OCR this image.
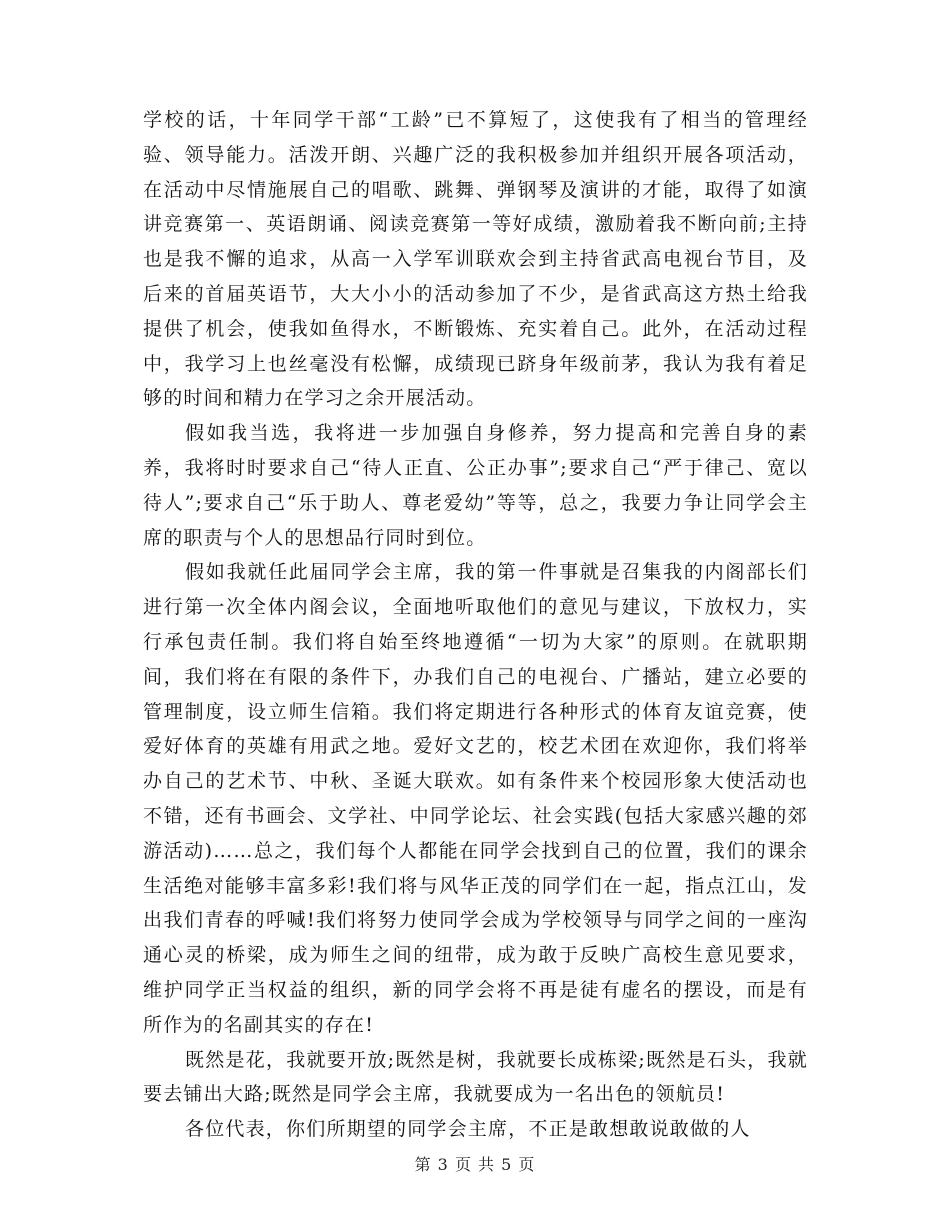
学校的话，十年同学干部“工龄”已不算短了，这使我有了相当的管理经验、领导能力。活泼开朗、兴趣广泛的我积极参加并组织开展各项活动，在活动中尽情施展自己的唱歌、跳舞、弹钢琴及演讲的才能，取得了如演讲竞赛第一、英语朗诵、阅读竞赛第一等好成绩，激励着我不断向前;主持也是我不懈的追求，从高一入学军训联欢会到主持省武高电视台节目，及后来的首届英语节，大大小小的活动参加了不少，是省武高这方热土给我提供了机会，使我如鱼得水，不断锻炼、充实着自己。此外，在活动过程中，我学习上也丝毫没有松懈，成绩现已跻身年级前茅，我认为我有着足够的时间和精力在学习之余开展活动。

假如我当选，我将进一步加强自身修养，努力提高和完善自身的素养，我将时时要求自己“待人正直、公正办事”;要求自己“严于律己、宽以待人”;要求自己“乐于助人、尊老爱幼”等等，总之，我要力争让同学会主席的职责与个人的思想品行同时到位。

假如我就任此届同学会主席，我的第一件事就是召集我的内阁部长们进行第一次全体内阁会议，全面地听取他们的意见与建议，下放权力，实行承包责任制。我们将自始至终地遵循“一切为大家”的原则。在就职期间，我们将在有限的条件下，办我们自己的电视台、广播站，建立必要的管理制度，设立师生信箱。我们将定期进行各种形式的体育友谊竞赛，使爱好体育的英雄有用武之地。爱好文艺的，校艺术团在欢迎你，我们将举办自己的艺术节、中秋、圣诞大联欢。如有条件来个校园形象大使活动也不错，还有书画会、文学社、中同学论坛、社会实践(包括大家感兴趣的郊游活动)……总之，我们每个人都能在同学会找到自己的位置，我们的课余生活绝对能够丰富多彩!我们将与风华正茂的同学们在一起，指点江山，发出我们青春的呼喊!我们将努力使同学会成为学校领导与同学之间的一座沟通心灵的桥梁，成为师生之间的纽带，成为敢于反映广高校生意见要求，维护同学正当权益的组织，新的同学会将不再是徒有虚名的摆设，而是有所作为的名副其实的存在!

既然是花，我就要开放;既然是树，我就要长成栋梁;既然是石头，我就要去铺出大路;既然是同学会主席，我就要成为一名出色的领航员!

各位代表，你们所期望的同学会主席，不正是敢想敢说敢做的人

第 3 页 共 5 页
